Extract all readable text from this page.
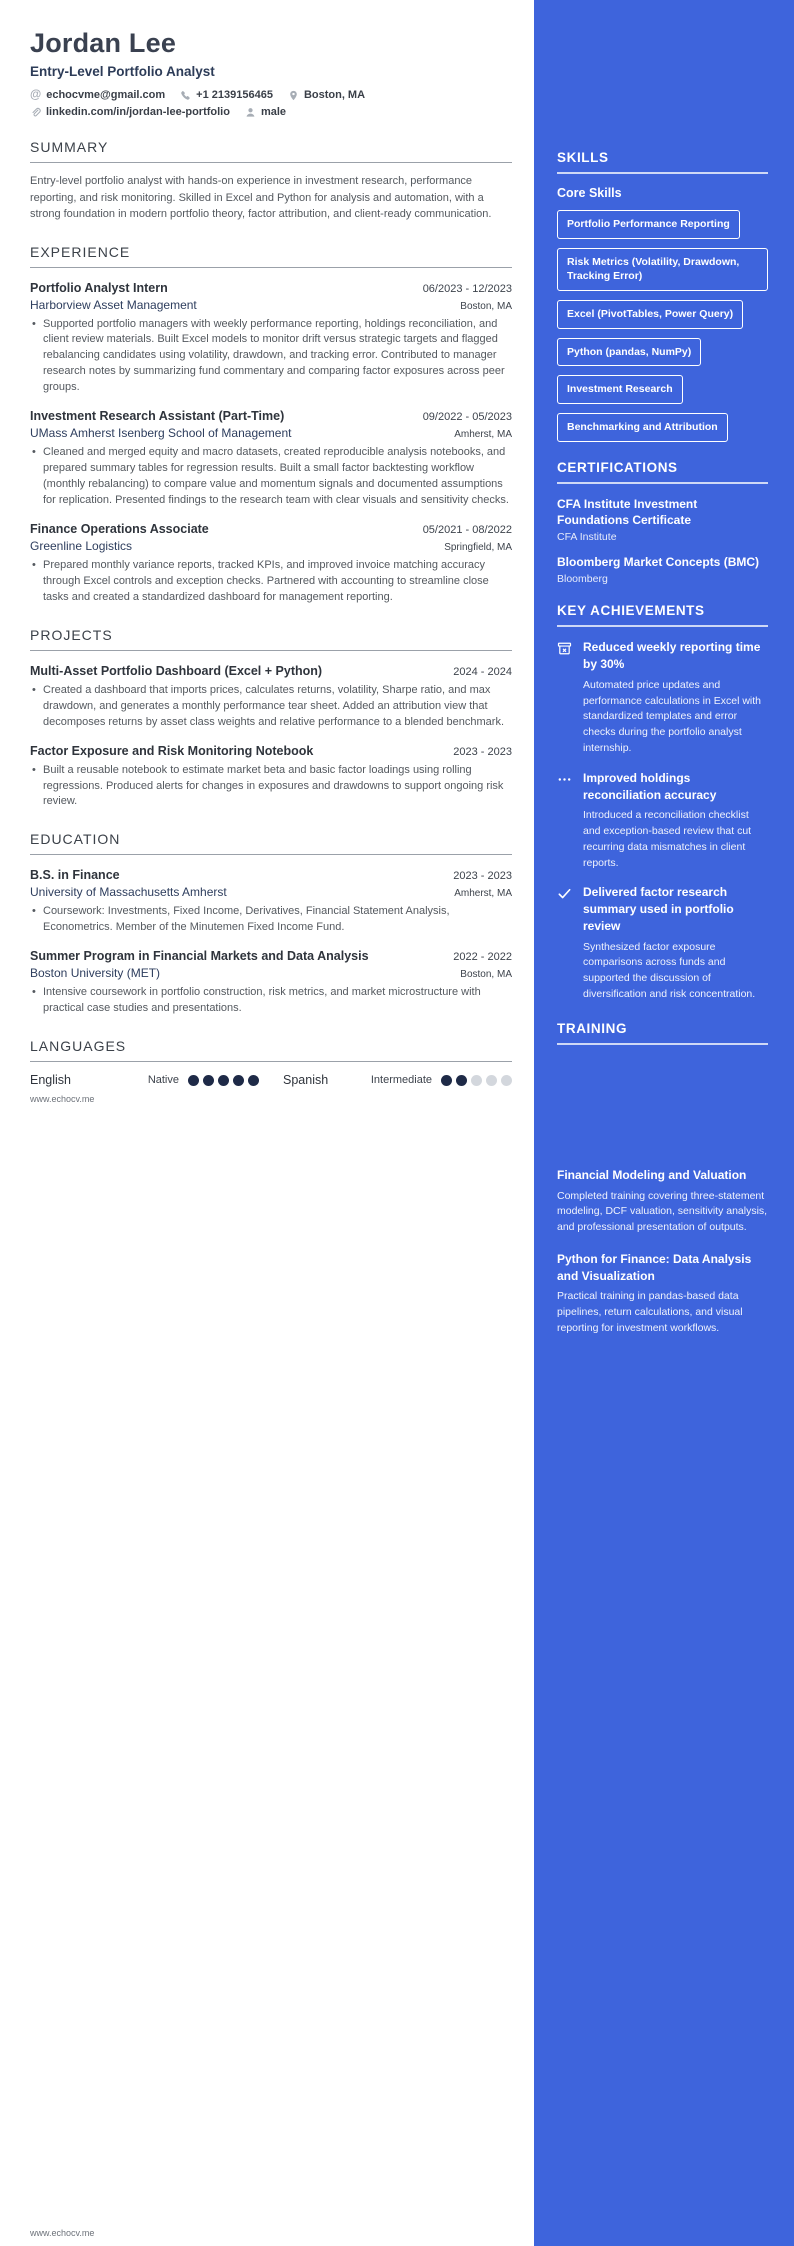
Jordan Lee
Entry-Level Portfolio Analyst
@ echocvme@gmail.com	+1 2139156465	Boston, MA
linkedin.com/in/jordan-lee-portfolio	male
SUMMARY
Entry-level portfolio analyst with hands-on experience in investment research, performance reporting, and risk monitoring. Skilled in Excel and Python for analysis and automation, with a strong foundation in modern portfolio theory, factor attribution, and client-ready communication.
EXPERIENCE
Portfolio Analyst Intern	06/2023 - 12/2023
Harborview Asset Management	Boston, MA
• Supported portfolio managers with weekly performance reporting, holdings reconciliation, and client review materials. Built Excel models to monitor drift versus strategic targets and flagged rebalancing candidates using volatility, drawdown, and tracking error. Contributed to manager research notes by summarizing fund commentary and comparing factor exposures across peer groups.
Investment Research Assistant (Part-Time)	09/2022 - 05/2023
UMass Amherst Isenberg School of Management	Amherst, MA
• Cleaned and merged equity and macro datasets, created reproducible analysis notebooks, and prepared summary tables for regression results. Built a small factor backtesting workflow (monthly rebalancing) to compare value and momentum signals and documented assumptions for replication. Presented findings to the research team with clear visuals and sensitivity checks.
Finance Operations Associate	05/2021 - 08/2022
Greenline Logistics	Springfield, MA
• Prepared monthly variance reports, tracked KPIs, and improved invoice matching accuracy through Excel controls and exception checks. Partnered with accounting to streamline close tasks and created a standardized dashboard for management reporting.
PROJECTS
Multi-Asset Portfolio Dashboard (Excel + Python)	2024 - 2024
• Created a dashboard that imports prices, calculates returns, volatility, Sharpe ratio, and max drawdown, and generates a monthly performance tear sheet. Added an attribution view that decomposes returns by asset class weights and relative performance to a blended benchmark.
Factor Exposure and Risk Monitoring Notebook	2023 - 2023
• Built a reusable notebook to estimate market beta and basic factor loadings using rolling regressions. Produced alerts for changes in exposures and drawdowns to support ongoing risk review.
EDUCATION
B.S. in Finance	2023 - 2023
University of Massachusetts Amherst	Amherst, MA
• Coursework: Investments, Fixed Income, Derivatives, Financial Statement Analysis, Econometrics. Member of the Minutemen Fixed Income Fund.
Summer Program in Financial Markets and Data Analysis	2022 - 2022
Boston University (MET)	Boston, MA
• Intensive coursework in portfolio construction, risk metrics, and market microstructure with practical case studies and presentations.
LANGUAGES
English	Native	Spanish	Intermediate
SKILLS
Core Skills
Portfolio Performance Reporting
Risk Metrics (Volatility, Drawdown, Tracking Error)
Excel (PivotTables, Power Query)
Python (pandas, NumPy)
Investment Research
Benchmarking and Attribution
CERTIFICATIONS
CFA Institute Investment Foundations Certificate
CFA Institute
Bloomberg Market Concepts (BMC)
Bloomberg
KEY ACHIEVEMENTS
Reduced weekly reporting time by 30%
Automated price updates and performance calculations in Excel with standardized templates and error checks during the portfolio analyst internship.
Improved holdings reconciliation accuracy
Introduced a reconciliation checklist and exception-based review that cut recurring data mismatches in client reports.
Delivered factor research summary used in portfolio review
Synthesized factor exposure comparisons across funds and supported the discussion of diversification and risk concentration.
TRAINING
Financial Modeling and Valuation
Completed training covering three-statement modeling, DCF valuation, sensitivity analysis, and professional presentation of outputs.
Python for Finance: Data Analysis and Visualization
Practical training in pandas-based data pipelines, return calculations, and visual reporting for investment workflows.
www.echocv.me
www.echocv.me
